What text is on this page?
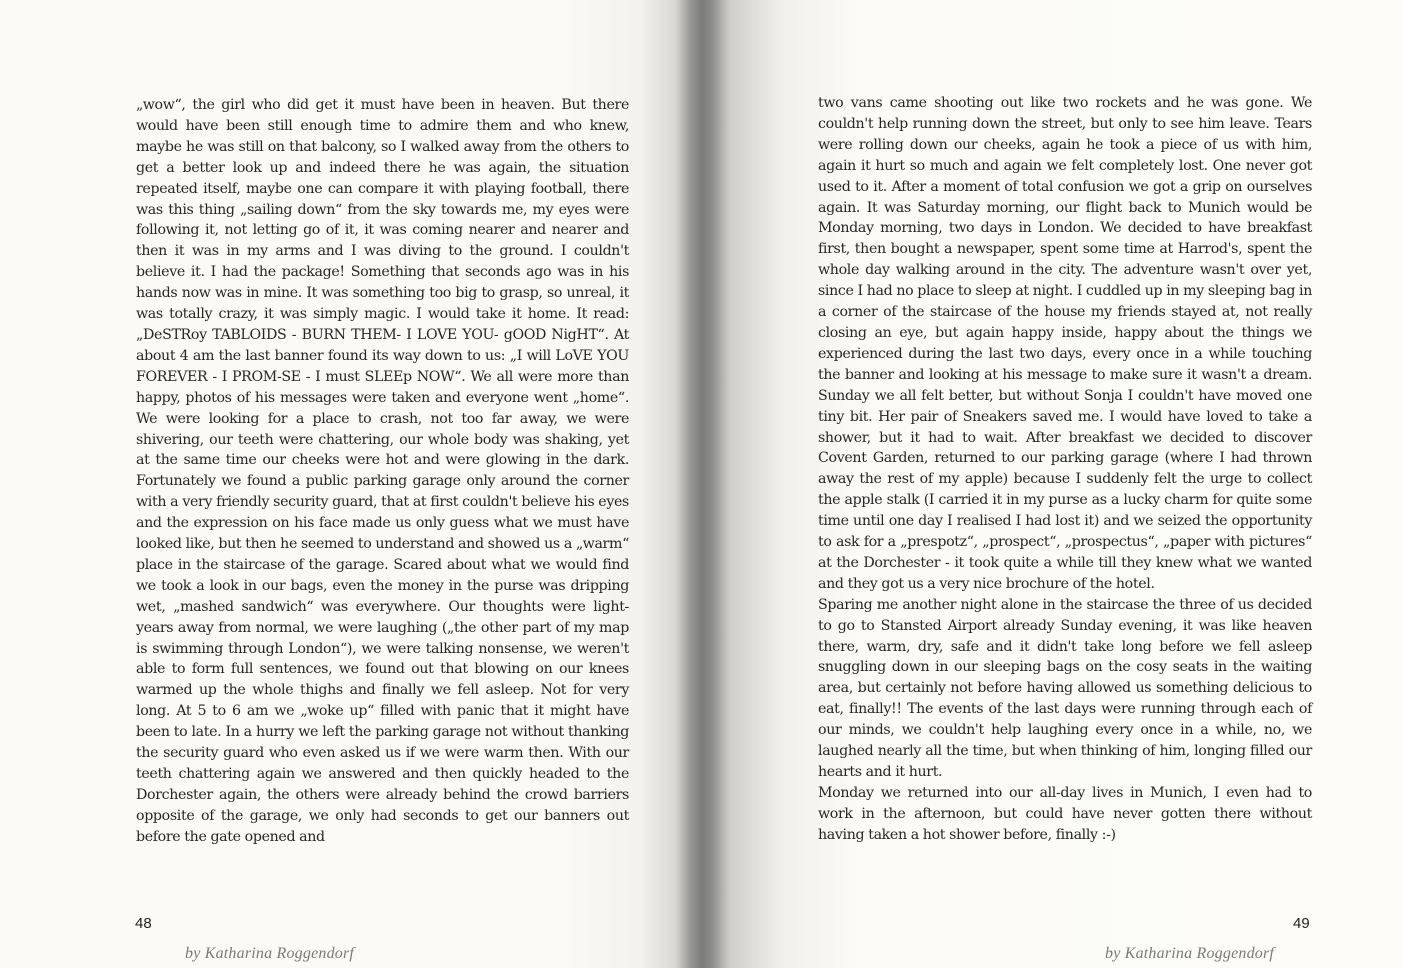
„wow“, the girl who did get it must have been in heaven. But there would have been still enough time to admire them and who knew, maybe he was still on that balcony, so I walked away from the others to get a better look up and indeed there he was again, the situation repeated itself, maybe one can compare it with playing football, there was this thing „sailing down“ from the sky towards me, my eyes were following it, not letting go of it, it was coming nearer and nearer and then it was in my arms and I was diving to the ground. I couldn't believe it. I had the package! Something that seconds ago was in his hands now was in mine. It was something too big to grasp, so unreal, it was totally crazy, it was simply magic. I would take it home. It read: „DeSTRoy TABLOIDS - BURN THEM- I LOVE YOU- gOOD NigHT“. At about 4 am the last banner found its way down to us: „I will LoVE YOU FOREVER - I PROM-SE - I must SLEEp NOW“. We all were more than happy, photos of his messages were taken and everyone went „home“. We were looking for a place to crash, not too far away, we were shivering, our teeth were chattering, our whole body was shaking, yet at the same time our cheeks were hot and were glowing in the dark. Fortunately we found a public parking garage only around the corner with a very friendly security guard, that at first couldn't believe his eyes and the expression on his face made us only guess what we must have looked like, but then he seemed to understand and showed us a „warm“ place in the staircase of the garage. Scared about what we would find we took a look in our bags, even the money in the purse was dripping wet, „mashed sandwich“ was everywhere. Our thoughts were light-years away from normal, we were laughing („the other part of my map is swimming through London“), we were talking nonsense, we weren't able to form full sentences, we found out that blowing on our knees warmed up the whole thighs and finally we fell asleep. Not for very long. At 5 to 6 am we „woke up“ filled with panic that it might have been to late. In a hurry we left the parking garage not without thanking the security guard who even asked us if we were warm then. With our teeth chattering again we answered and then quickly headed to the Dorchester again, the others were already behind the crowd barriers opposite of the garage, we only had seconds to get our banners out before the gate opened and

48
by Katharina Roggendorf

two vans came shooting out like two rockets and he was gone. We couldn't help running down the street, but only to see him leave. Tears were rolling down our cheeks, again he took a piece of us with him, again it hurt so much and again we felt completely lost. One never got used to it. After a moment of total confusion we got a grip on ourselves again. It was Saturday morning, our flight back to Munich would be Monday morning, two days in London. We decided to have breakfast first, then bought a newspaper, spent some time at Harrod's, spent the whole day walking around in the city. The adventure wasn't over yet, since I had no place to sleep at night. I cuddled up in my sleeping bag in a corner of the staircase of the house my friends stayed at, not really closing an eye, but again happy inside, happy about the things we experienced during the last two days, every once in a while touching the banner and looking at his message to make sure it wasn't a dream. Sunday we all felt better, but without Sonja I couldn't have moved one tiny bit. Her pair of Sneakers saved me. I would have loved to take a shower, but it had to wait. After breakfast we decided to discover Covent Garden, returned to our parking garage (where I had thrown away the rest of my apple) because I suddenly felt the urge to collect the apple stalk (I carried it in my purse as a lucky charm for quite some time until one day I realised I had lost it) and we seized the opportunity to ask for a „prespotz“, „prospect“, „prospectus“, „paper with pictures“ at the Dorchester - it took quite a while till they knew what we wanted and they got us a very nice brochure of the hotel.

Sparing me another night alone in the staircase the three of us decided to go to Stansted Airport already Sunday evening, it was like heaven there, warm, dry, safe and it didn't take long before we fell asleep snuggling down in our sleeping bags on the cosy seats in the waiting area, but certainly not before having allowed us something delicious to eat, finally!! The events of the last days were running through each of our minds, we couldn't help laughing every once in a while, no, we laughed nearly all the time, but when thinking of him, longing filled our hearts and it hurt.

Monday we returned into our all-day lives in Munich, I even had to work in the afternoon, but could have never gotten there without having taken a hot shower before, finally :-)

49
by Katharina Roggendorf
